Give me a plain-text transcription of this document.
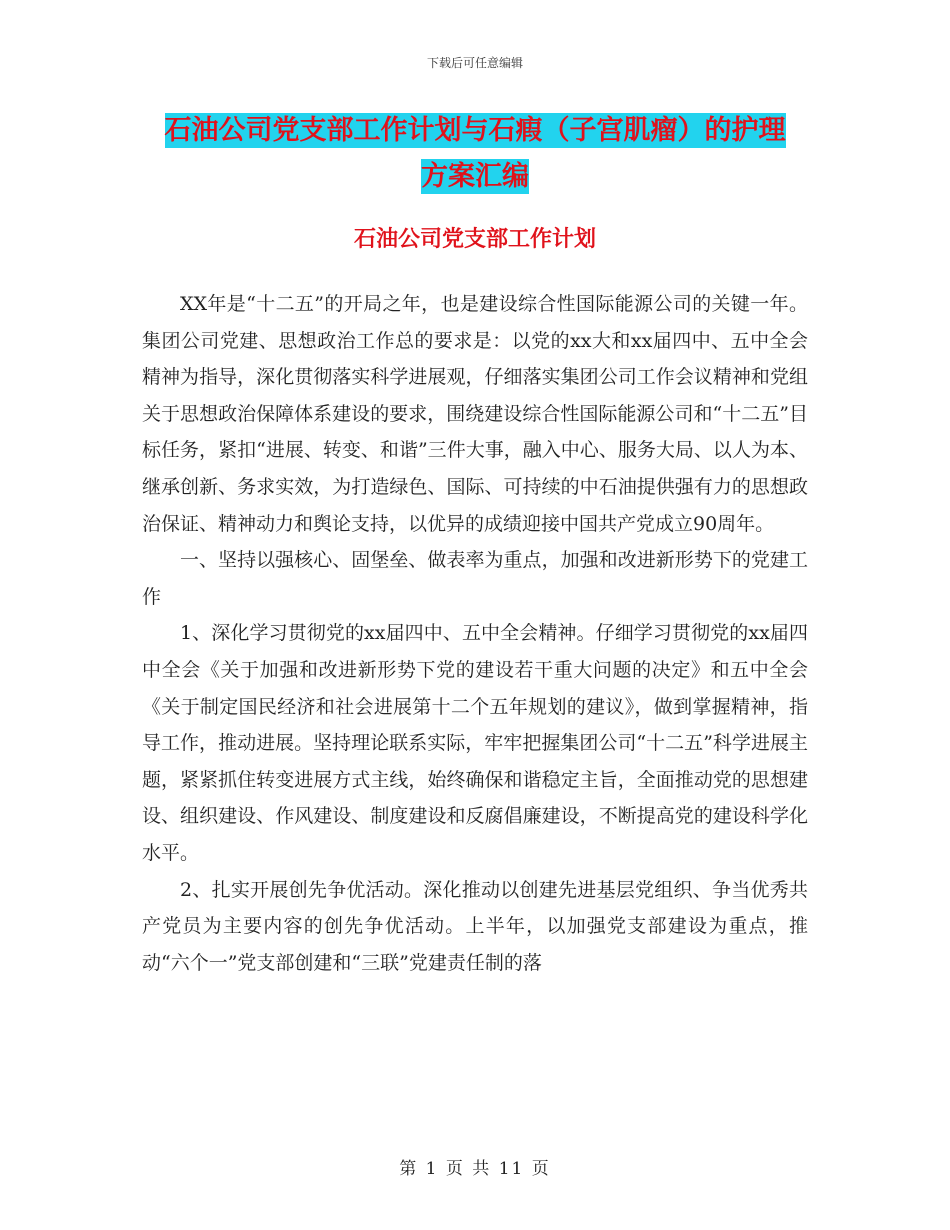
下载后可任意编辑
石油公司党支部工作计划与石瘕（子宫肌瘤）的护理
方案汇编
石油公司党支部工作计划

XX年是“十二五”的开局之年，也是建设综合性国际能源公司的关键一年。集团公司党建、思想政治工作总的要求是：以党的xx大和xx届四中、五中全会精神为指导，深化贯彻落实科学进展观，仔细落实集团公司工作会议精神和党组关于思想政治保障体系建设的要求，围绕建设综合性国际能源公司和“十二五”目标任务，紧扣“进展、转变、和谐”三件大事，融入中心、服务大局、以人为本、继承创新、务求实效，为打造绿色、国际、可持续的中石油提供强有力的思想政治保证、精神动力和舆论支持，以优异的成绩迎接中国共产党成立90周年。

一、坚持以强核心、固堡垒、做表率为重点，加强和改进新形势下的党建工作

1、深化学习贯彻党的xx届四中、五中全会精神。仔细学习贯彻党的xx届四中全会《关于加强和改进新形势下党的建设若干重大问题的决定》和五中全会《关于制定国民经济和社会进展第十二个五年规划的建议》，做到掌握精神，指导工作，推动进展。坚持理论联系实际，牢牢把握集团公司“十二五”科学进展主题，紧紧抓住转变进展方式主线，始终确保和谐稳定主旨，全面推动党的思想建设、组织建设、作风建设、制度建设和反腐倡廉建设，不断提高党的建设科学化水平。

2、扎实开展创先争优活动。深化推动以创建先进基层党组织、争当优秀共产党员为主要内容的创先争优活动。上半年，以加强党支部建设为重点，推动“六个一”党支部创建和“三联”党建责任制的落

第 1 页 共 11 页
